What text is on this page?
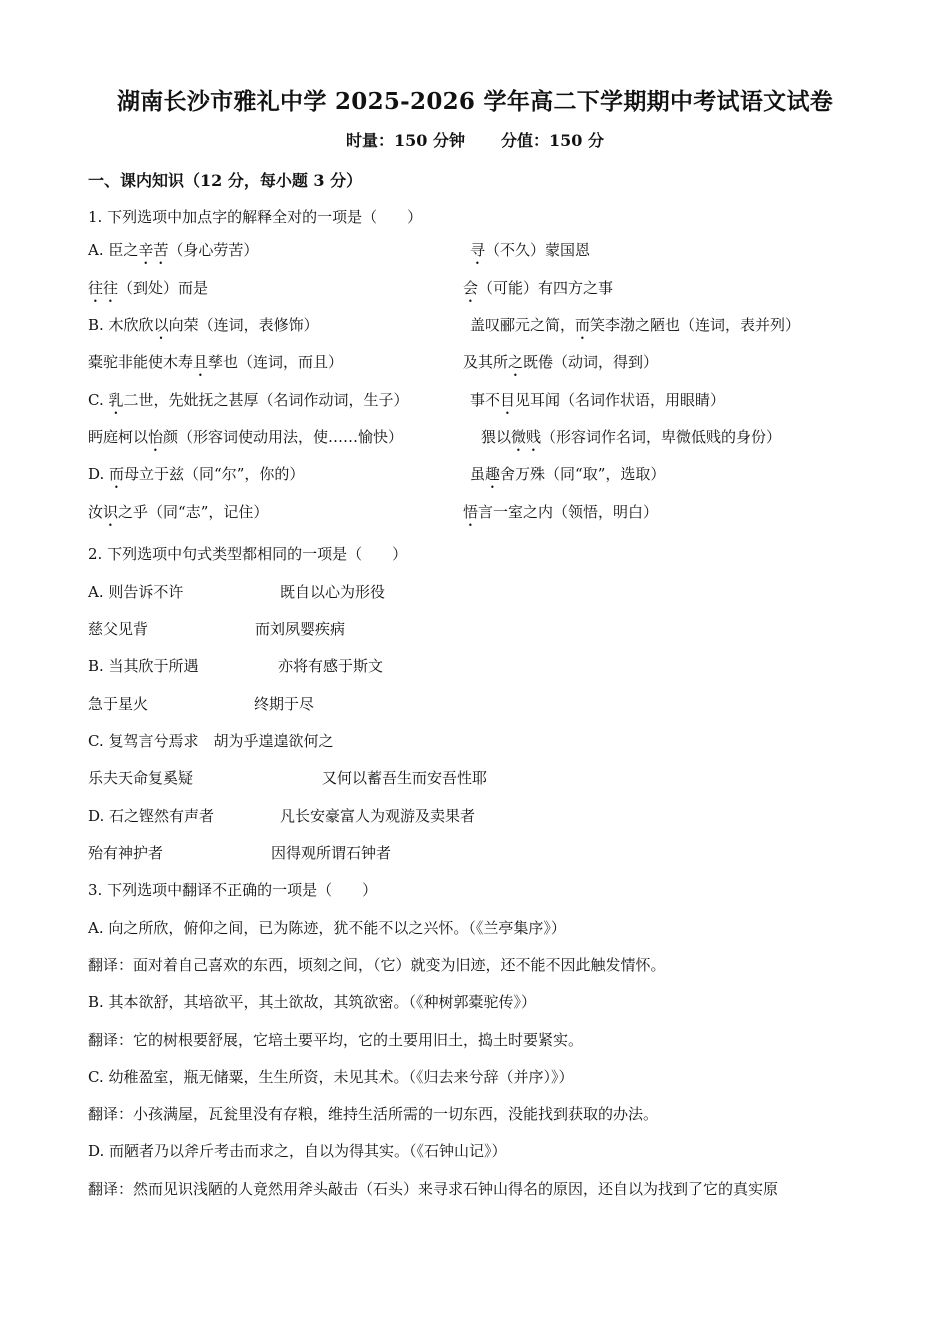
湖南长沙市雅礼中学 2025-2026 学年高二下学期期中考试语文试卷
时量：150 分钟 分值：150 分
一、课内知识（12 分，每小题 3 分）
1. 下列选项中加点字的解释全对的一项是（　　）
A. 臣之辛苦（身心劳苦）	寻（不久）蒙国恩
往往（到处）而是	会（可能）有四方之事
B. 木欣欣以向荣（连词，表修饰）	盖叹郦元之简，而笑李渤之陋也（连词，表并列）
橐驼非能使木寿且孳也（连词，而且）	及其所之既倦（动词，得到）
C. 乳二世，先妣抚之甚厚（名词作动词，生子）	事不目见耳闻（名词作状语，用眼睛）
眄庭柯以怡颜（形容词使动用法，使……愉快）	猥以微贱（形容词作名词，卑微低贱的身份）
D. 而母立于兹（同“尔”，你的）	虽趣舍万殊（同“取”，选取）
汝识之乎（同“志”，记住）	悟言一室之内（领悟，明白）
2. 下列选项中句式类型都相同的一项是（　　）
A. 则告诉不许	既自以心为形役
慈父见背	而刘夙婴疾病
B. 当其欣于所遇	亦将有感于斯文
急于星火	终期于尽
C. 复驾言兮焉求　胡为乎遑遑欲何之
乐夫天命复奚疑	又何以蓄吾生而安吾性耶
D. 石之铿然有声者	凡长安豪富人为观游及卖果者
殆有神护者	因得观所谓石钟者
3. 下列选项中翻译不正确的一项是（　　）
A. 向之所欣，俯仰之间，已为陈迹，犹不能不以之兴怀。（《兰亭集序》）
翻译：面对着自己喜欢的东西，顷刻之间，（它）就变为旧迹，还不能不因此触发情怀。
B. 其本欲舒，其培欲平，其土欲故，其筑欲密。（《种树郭橐驼传》）
翻译：它的树根要舒展，它培土要平均，它的土要用旧土，捣土时要紧实。
C. 幼稚盈室，瓶无储粟，生生所资，未见其术。（《归去来兮辞（并序）》）
翻译：小孩满屋，瓦瓮里没有存粮，维持生活所需的一切东西，没能找到获取的办法。
D. 而陋者乃以斧斤考击而求之，自以为得其实。（《石钟山记》）
翻译：然而见识浅陋的人竟然用斧头敲击（石头）来寻求石钟山得名的原因，还自以为找到了它的真实原
